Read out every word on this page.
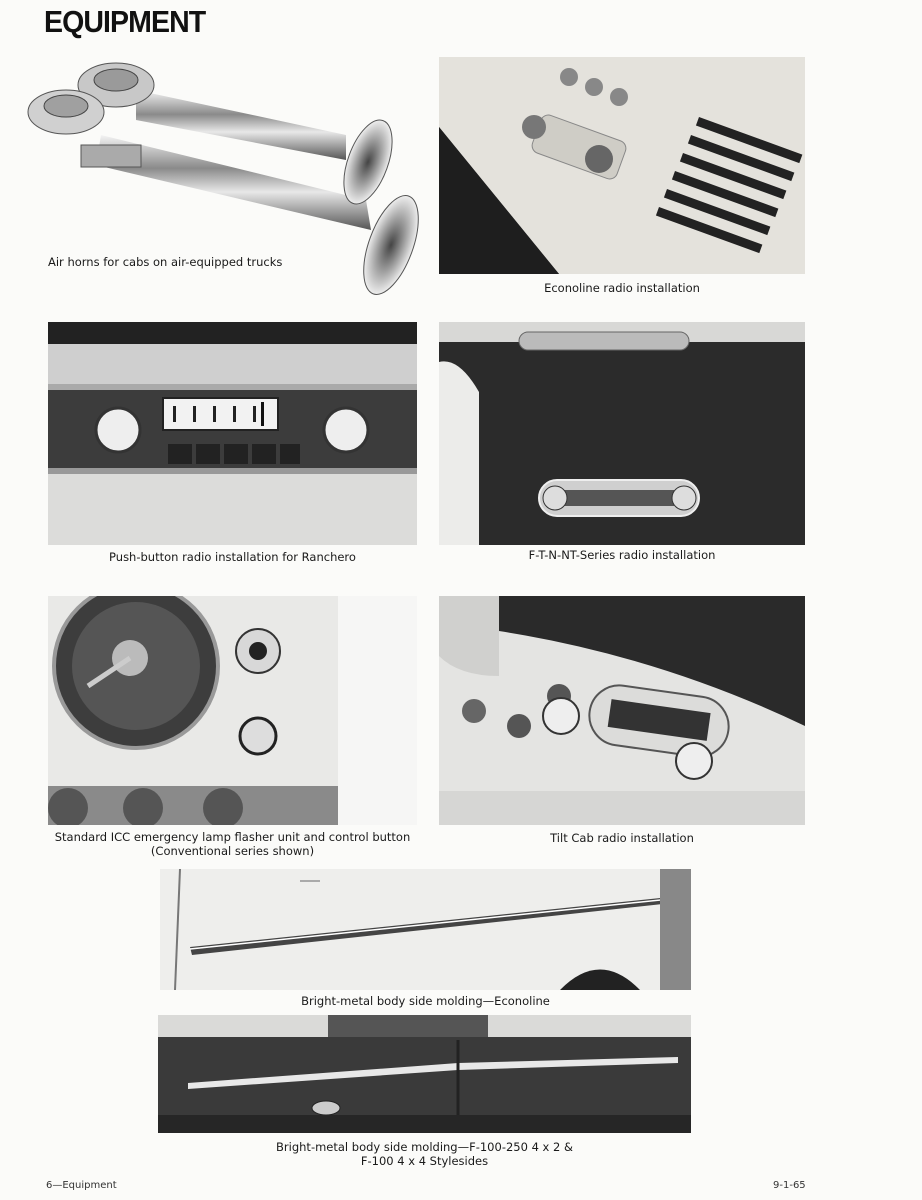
EQUIPMENT
Air horns for cabs on air-equipped trucks
Econoline radio installation
Push-button radio installation for Ranchero	F-T-N-NT-Series radio installation
Standard ICC emergency lamp flasher unit and control button
(Conventional series shown)
Tilt Cab radio installation
Bright-metal body side molding—Econoline
Bright-metal body side molding—F-100-250 4 x 2 &
F-100 4 x 4 Stylesides
6—Equipment	9-1-65
